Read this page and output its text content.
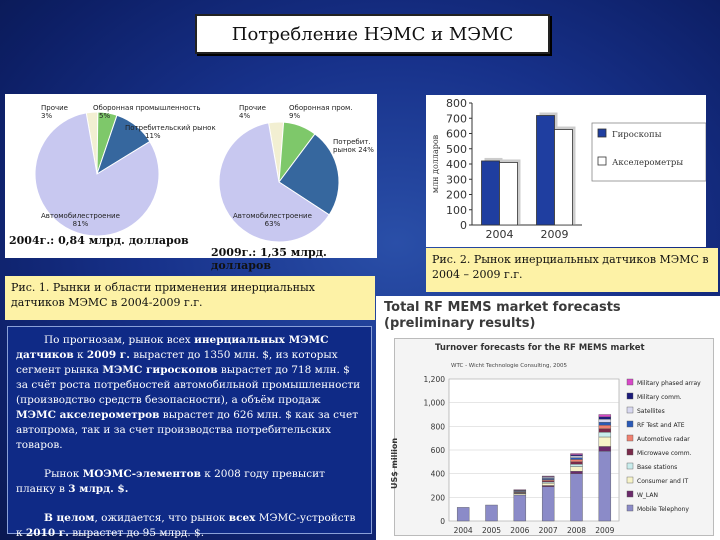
Потребление НЭМС и МЭМС
Прочие
3%
Оборонная промышленность
5%
Потребительский рынок
11%
Автомобилестроение
81%
Прочие
4%
Оборонная пром.
9%
Потребит. рынок 24%
Автомобилестроение
63%
2004г.: 0,84 млрд. долларов
2009г.: 1,35 млрд. долларов
Рис. 1. Рынки и области применения инерциальных датчиков МЭМС в 2004-2009 г.г.
0
100
200
300
400
500
600
700
800
млн долларов
2004 2009
Гироскопы
Акселерометры
Рис. 2. Рынок инерциальных датчиков МЭМС в 2004 – 2009 г.г.

По прогнозам, рынок всех инерциальных МЭМС датчиков к 2009 г. вырастет до 1350 млн. $, из которых сегмент рынка МЭМС гироскопов вырастет до 718 млн. $ за счёт роста потребностей автомобильной промышленности (производство средств безопасности), а объём продаж МЭМС акселерометров вырастет до 626 млн. $ как за счет автопрома, так и за счет производства потребительских товаров.

Рынок МОЭМС-элементов к 2008 году превысит планку в 3 млрд. $.

В целом, ожидается, что рынок всех МЭМС-устройств к 2010 г. вырастет до 95 млрд. $.

Total RF MEMS market forecasts
(preliminary results)
Turnover forecasts for the RF MEMS market
WTC - Wicht Technologie Consulting, 2005
US$ million
0
200
400
600
800
1,000
1,200
2004 2005 2006 2007 2008 2009
Military phased array
Military comm.
Satellites
RF Test and ATE
Automotive radar
Microwave comm.
Base stations
Consumer and IT
W_LAN
Mobile Telephony
